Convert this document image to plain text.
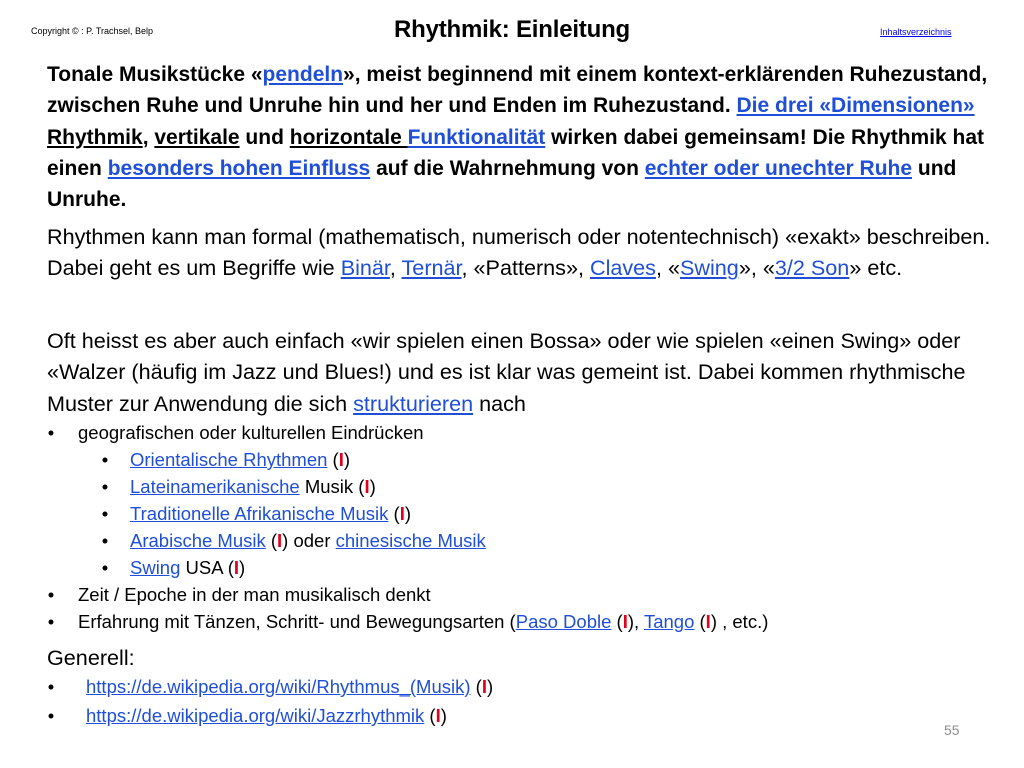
Copyright © : P. Trachsel, Belp	Rhythmik: Einleitung	Inhaltsverzeichnis
Tonale Musikstücke «pendeln», meist beginnend mit einem kontext-erklärenden Ruhezustand, zwischen Ruhe und Unruhe hin und her und Enden im Ruhezustand. Die drei «Dimensionen» Rhythmik, vertikale und horizontale Funktionalität wirken dabei gemeinsam! Die Rhythmik hat einen besonders hohen Einfluss auf die Wahrnehmung von echter oder unechter Ruhe und Unruhe.
Rhythmen kann man formal (mathematisch, numerisch oder notentechnisch) «exakt» beschreiben. Dabei geht es um Begriffe wie Binär, Ternär, «Patterns», Claves, «Swing», «3/2 Son» etc.
Oft heisst es aber auch einfach «wir spielen einen Bossa» oder wie spielen «einen Swing» oder «Walzer (häufig im Jazz und Blues!) und es ist klar was gemeint ist. Dabei kommen rhythmische Muster zur Anwendung die sich strukturieren nach
• geografischen oder kulturellen Eindrücken
• Orientalische Rhythmen (I)
• Lateinamerikanische Musik (I)
• Traditionelle Afrikanische Musik (I)
• Arabische Musik (I) oder chinesische Musik
• Swing USA (I)
• Zeit / Epoche in der man musikalisch denkt
• Erfahrung mit Tänzen, Schritt- und Bewegungsarten (Paso Doble (I), Tango (I) , etc.)
Generell:
• https://de.wikipedia.org/wiki/Rhythmus_(Musik) (I)
• https://de.wikipedia.org/wiki/Jazzrhythmik (I)
55
